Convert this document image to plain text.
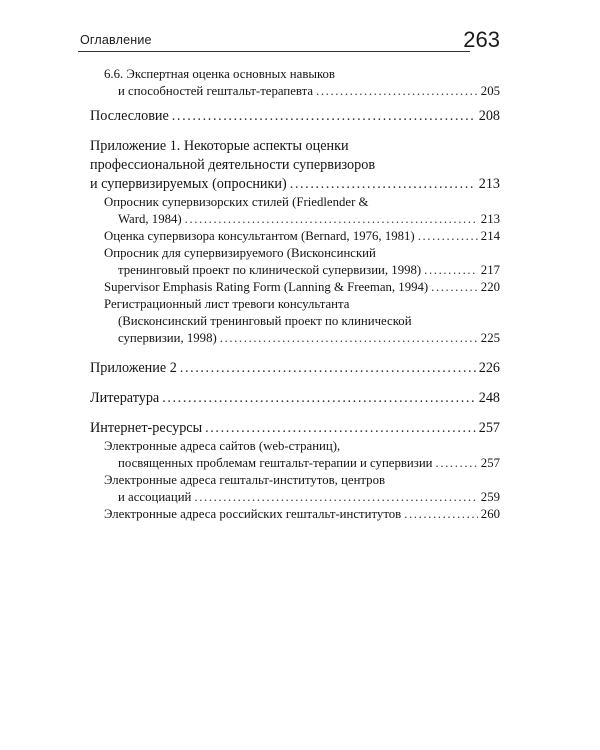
Оглавление	263
6.6. Экспертная оценка основных навыков
и способностей гештальт-терапевта .....	205
Послесловие .....	208
Приложение 1. Некоторые аспекты оценки
профессиональной деятельности супервизоров
и супервизируемых (опросники) .....	213
Опросник супервизорских стилей (Friedlender &
Ward, 1984) .....	213
Оценка супервизора консультантом (Bernard, 1976, 1981) .....	214
Опросник для супервизируемого (Висконсинский
тренинговый проект по клинической супервизии, 1998) .....	217
Supervisor Emphasis Rating Form (Lanning & Freeman, 1994) .....	220
Регистрационный лист тревоги консультанта
(Висконсинский тренинговый проект по клинической
супервизии, 1998) .....	225
Приложение 2 .....	226
Литература .....	248
Интернет-ресурсы .....	257
Электронные адреса сайтов (web-страниц),
посвященных проблемам гештальт-терапии и супервизии .....	257
Электронные адреса гештальт-институтов, центров
и ассоциаций .....	259
Электронные адреса российских гештальт-институтов .....	260
